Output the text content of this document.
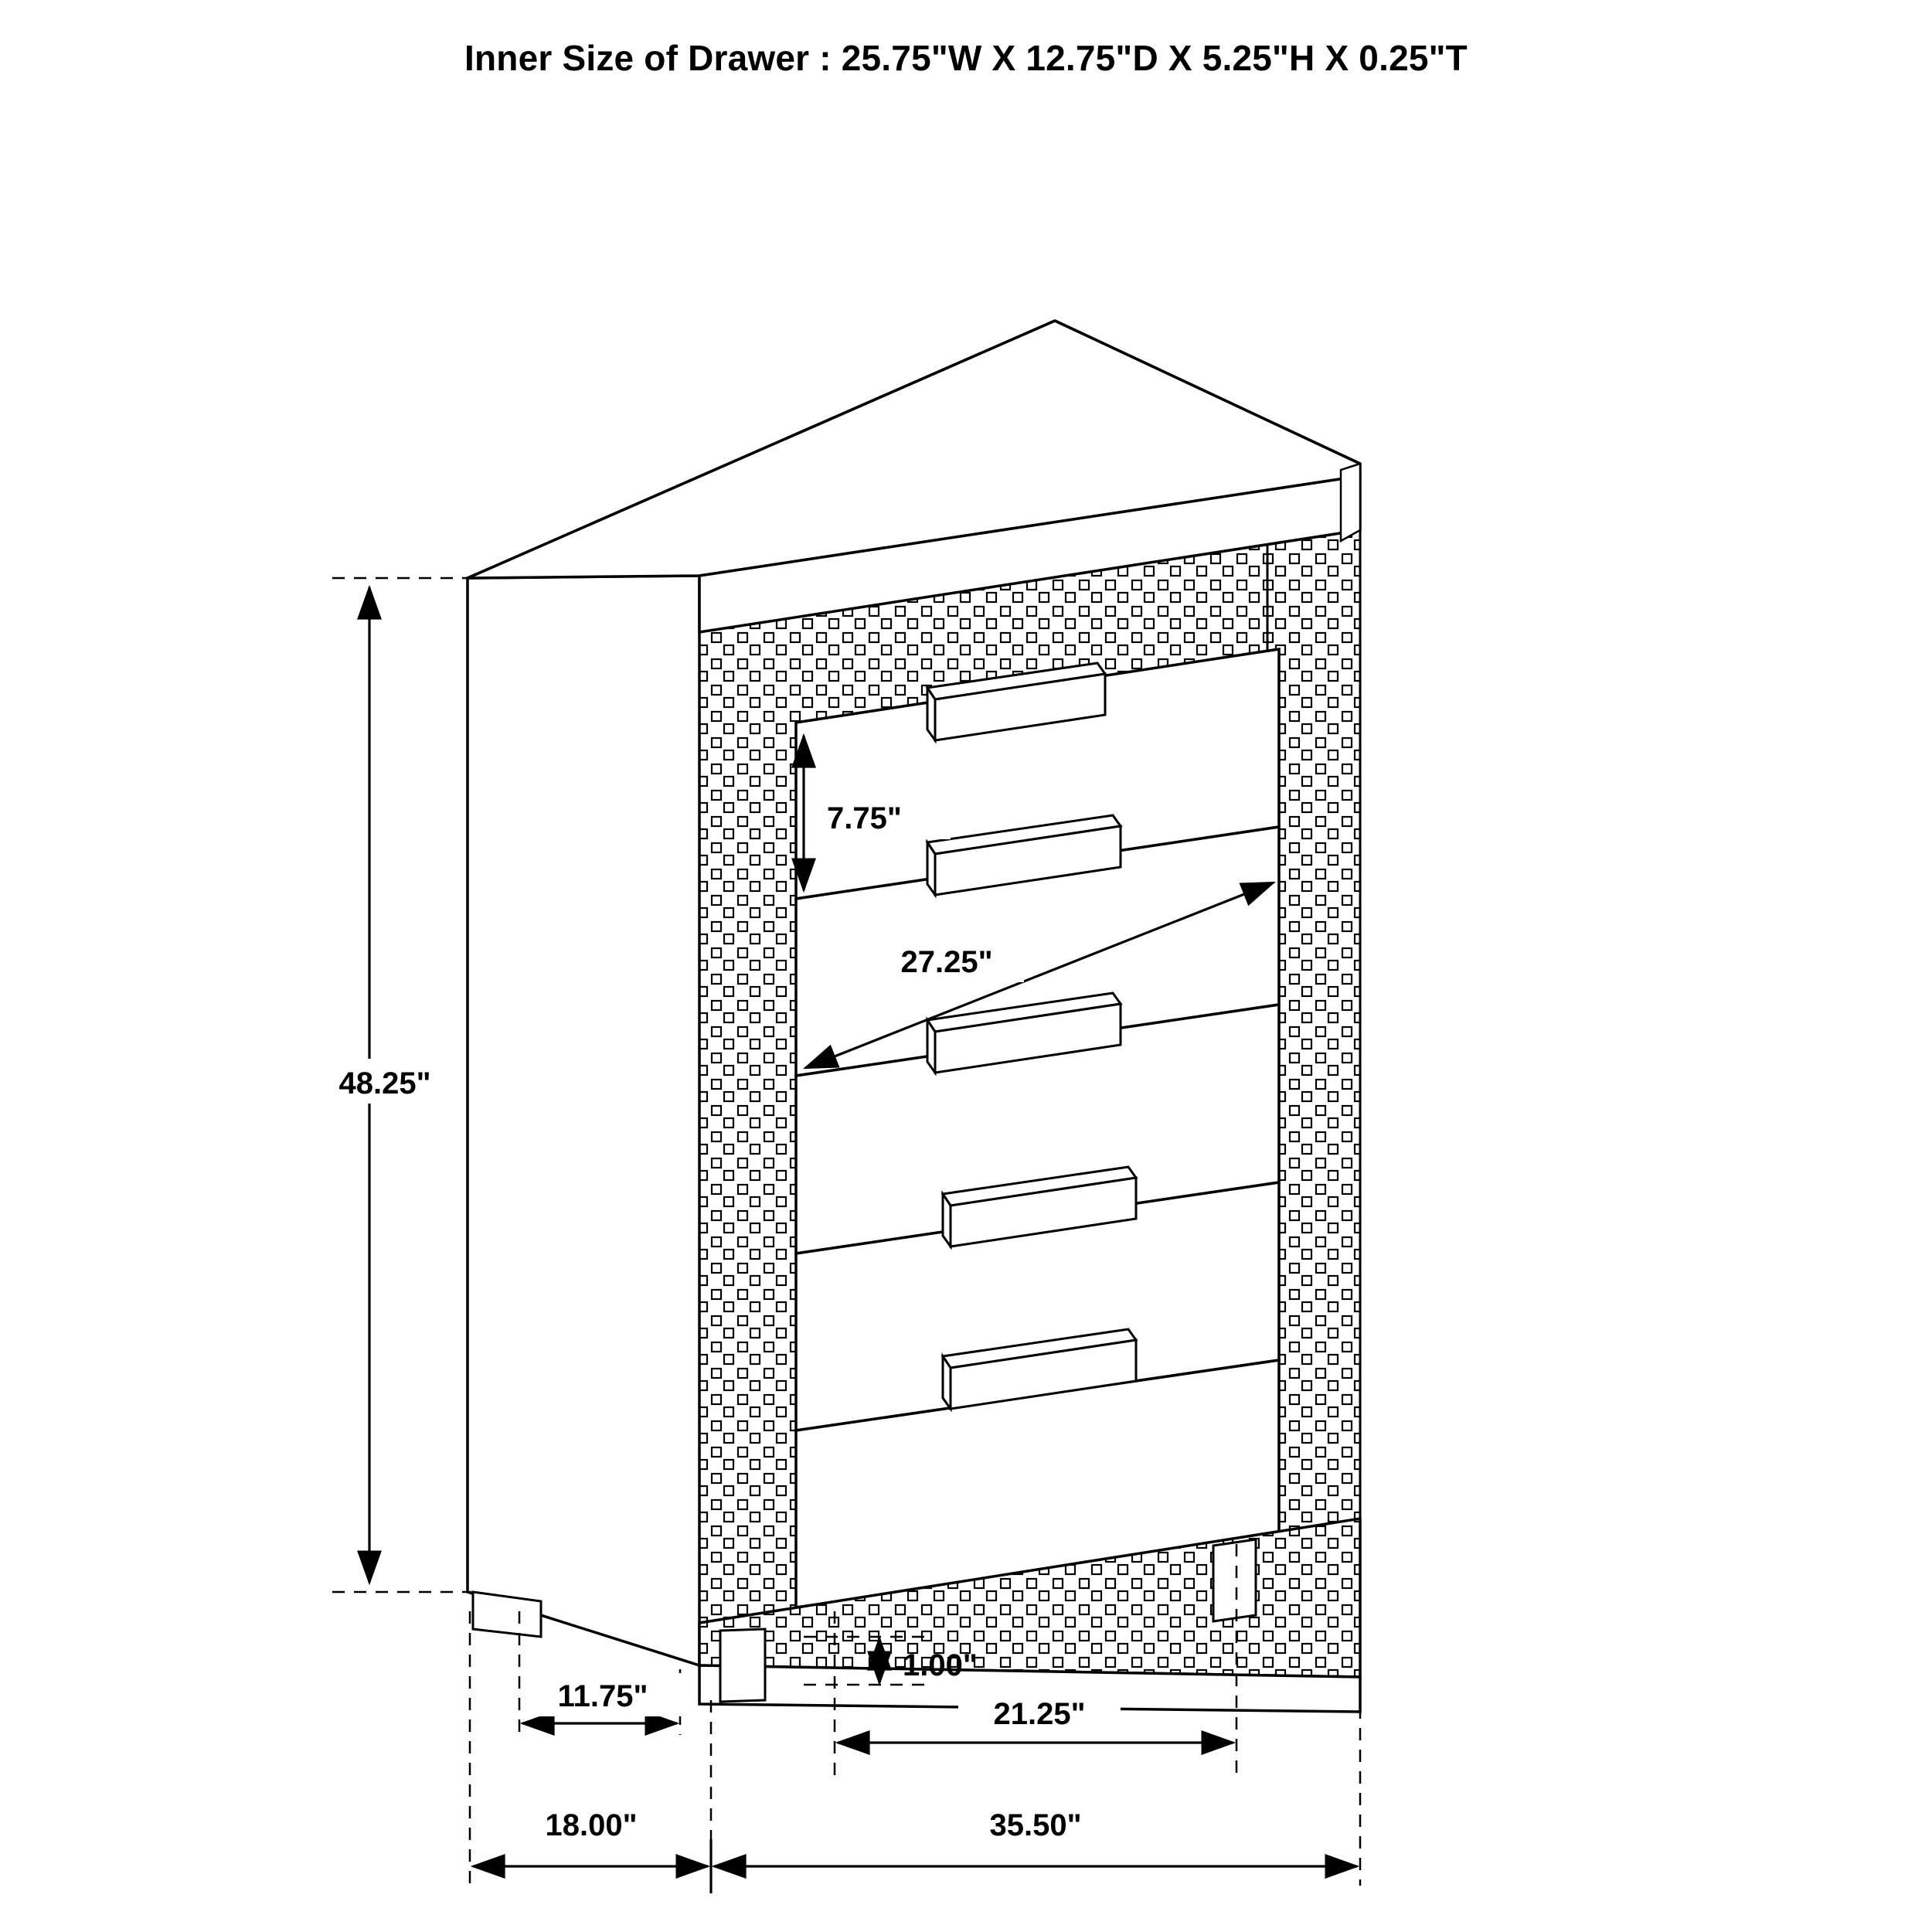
Inner Size of Drawer : 25.75"W X 12.75"D X 5.25"H X 0.25"T
48.25"
7.75"
27.25"
1.00"
11.75"
21.25"
18.00"	35.50"
